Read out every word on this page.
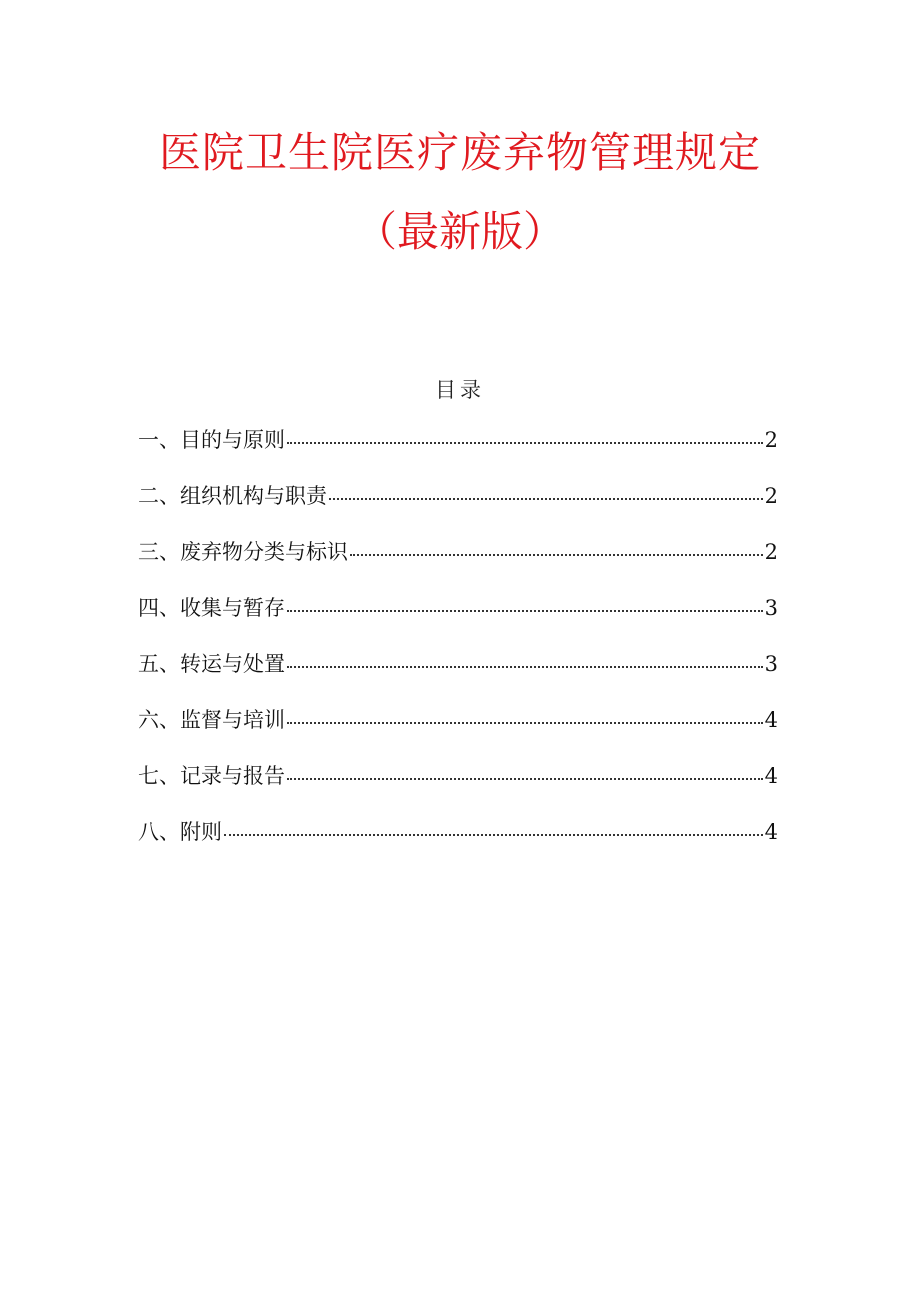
医院卫生院医疗废弃物管理规定
（最新版）
目录
一、 目的与原则	2
二、 组织机构与职责	2
三、 废弃物分类与标识	2
四、 收集与暂存	3
五、 转运与处置	3
六、 监督与培训	4
七、 记录与报告	4
八、 附则	4
